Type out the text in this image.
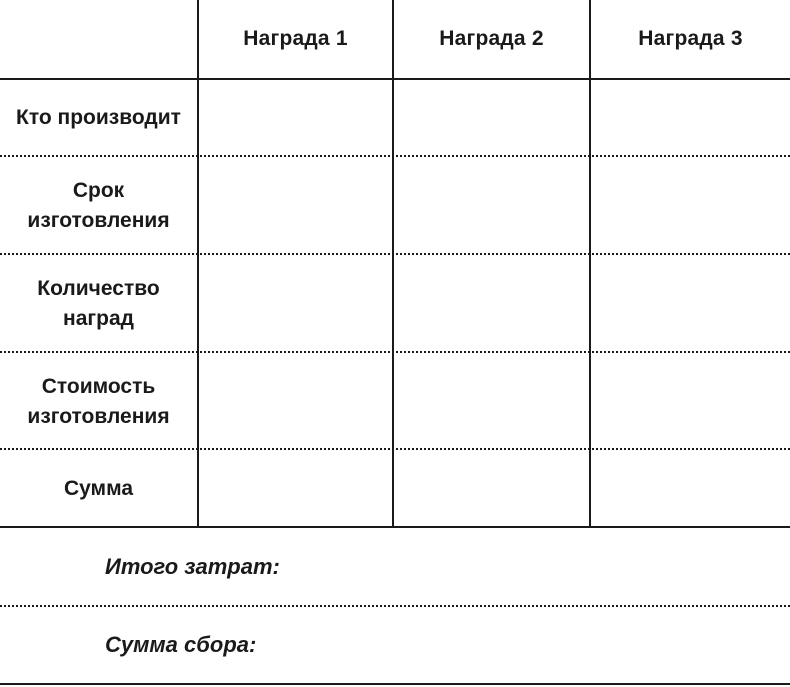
Награда 1	Награда 2	Награда 3
Кто производит
Срок
изготовления
Количество
наград
Стоимость
изготовления
Сумма
Итого затрат:
Сумма сбора:
